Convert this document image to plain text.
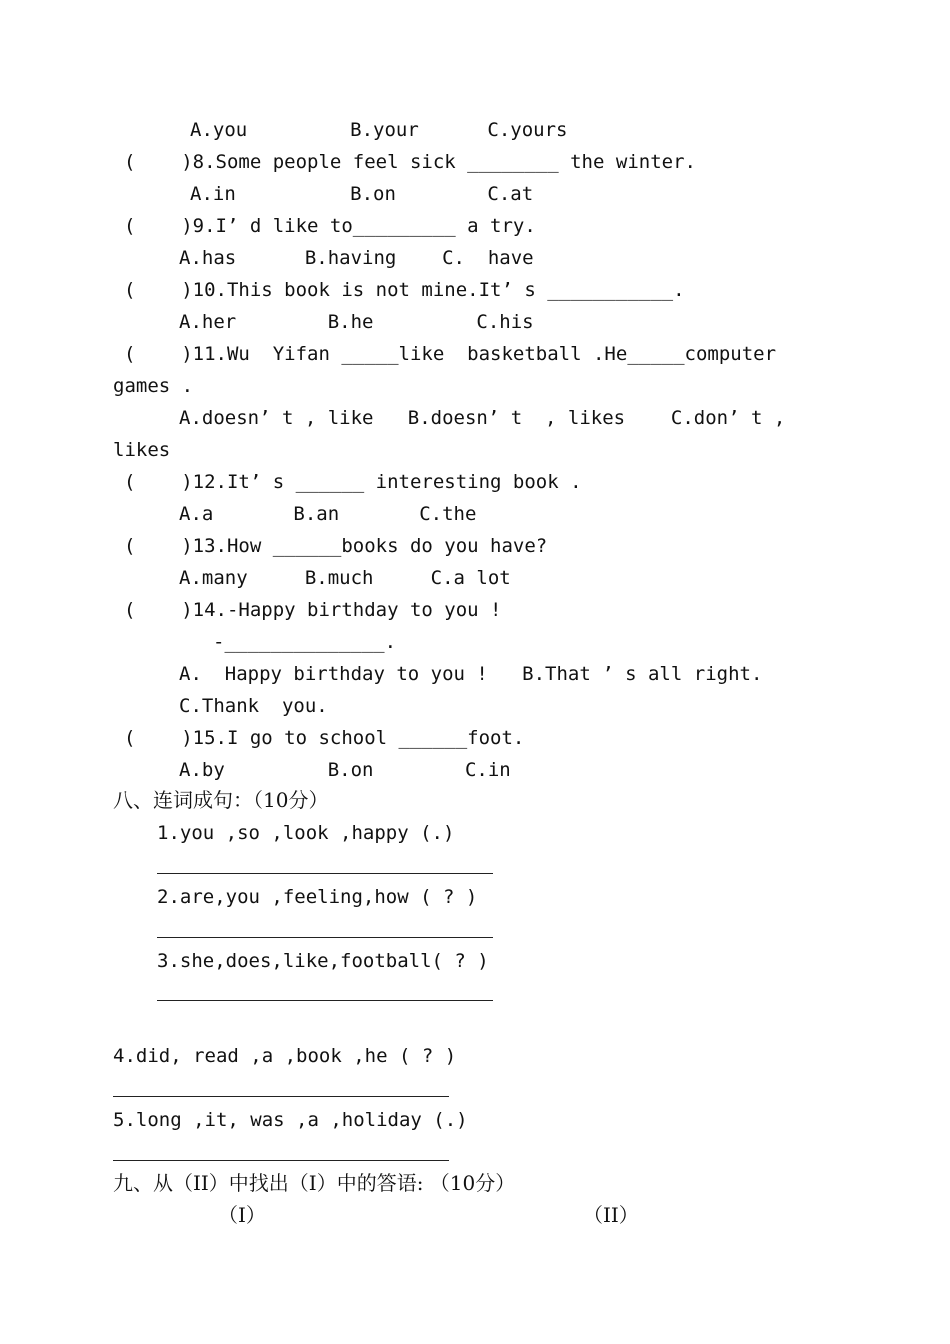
A.you         B.your      C.yours
(    )8.Some people feel sick ________ the winter.
A.in          B.on        C.at
(    )9.I’ d like to_________ a try.
A.has      B.having    C.  have
(    )10.This book is not mine.It’ s ___________.
A.her        B.he         C.his
(    )11.Wu  Yifan _____like  basketball .He_____computer
games .
A.doesn’ t , like   B.doesn’ t  , likes    C.don’ t ,
likes
(    )12.It’ s ______ interesting book .
A.a       B.an       C.the
(    )13.How ______books do you have?
A.many     B.much     C.a lot
(    )14.-Happy birthday to you !
-______________.
A.  Happy birthday to you !   B.That ’ s all right.
C.Thank  you.
(    )15.I go to school ______foot.
A.by         B.on        C.in
八、连词成句：（10分）
1.you ,so ,look ,happy (.)
2.are,you ,feeling,how ( ? )
3.she,does,like,football( ? )
4.did, read ,a ,book ,he ( ? )
5.long ,it, was ,a ,holiday (.)
九、从（II）中找出（I）中的答语: （10分）
（I）	（II）
